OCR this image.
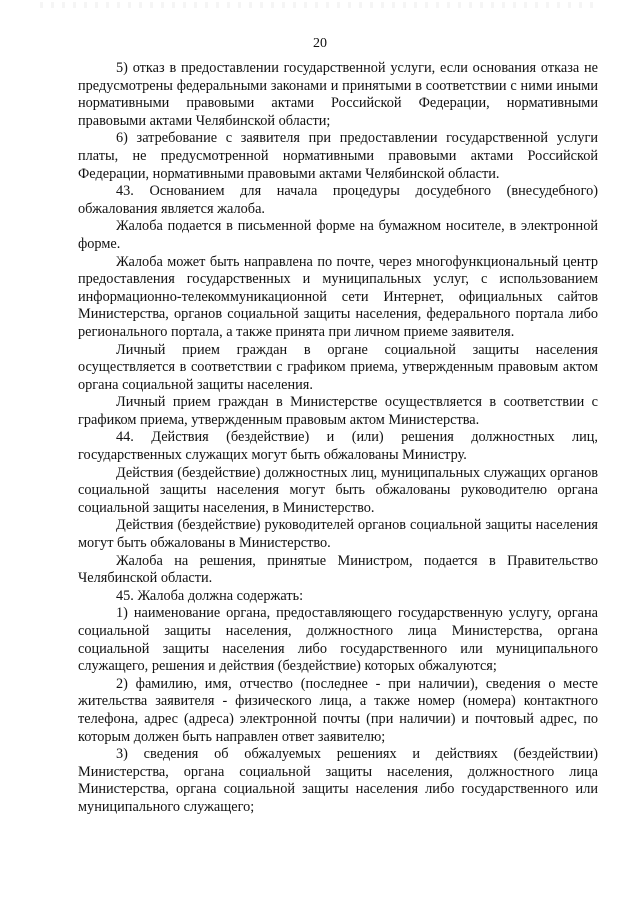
20

5) отказ в предоставлении государственной услуги, если основания отказа не предусмотрены федеральными законами и принятыми в соответствии с ними иными нормативными правовыми актами Российской Федерации, нормативными правовыми актами Челябинской области;

6) затребование с заявителя при предоставлении государственной услуги платы, не предусмотренной нормативными правовыми актами Российской Федерации, нормативными правовыми актами Челябинской области.

43. Основанием для начала процедуры досудебного (внесудебного) обжалования является жалоба.

Жалоба подается в письменной форме на бумажном носителе, в электронной форме.

Жалоба может быть направлена по почте, через многофункциональный центр предоставления государственных и муниципальных услуг, с использованием информационно-телекоммуникационной сети Интернет, официальных сайтов Министерства, органов социальной защиты населения, федерального портала либо регионального портала, а также принята при личном приеме заявителя.

Личный прием граждан в органе социальной защиты населения осуществляется в соответствии с графиком приема, утвержденным правовым актом органа социальной защиты населения.

Личный прием граждан в Министерстве осуществляется в соответствии с графиком приема, утвержденным правовым актом Министерства.

44. Действия (бездействие) и (или) решения должностных лиц, государственных служащих могут быть обжалованы Министру.

Действия (бездействие) должностных лиц, муниципальных служащих органов социальной защиты населения могут быть обжалованы руководителю органа социальной защиты населения, в Министерство.

Действия (бездействие) руководителей органов социальной защиты населения могут быть обжалованы в Министерство.

Жалоба на решения, принятые Министром, подается в Правительство Челябинской области.

45. Жалоба должна содержать:

1) наименование органа, предоставляющего государственную услугу, органа социальной защиты населения, должностного лица Министерства, органа социальной защиты населения либо государственного или муниципального служащего, решения и действия (бездействие) которых обжалуются;

2) фамилию, имя, отчество (последнее - при наличии), сведения о месте жительства заявителя - физического лица, а также номер (номера) контактного телефона, адрес (адреса) электронной почты (при наличии) и почтовый адрес, по которым должен быть направлен ответ заявителю;

3) сведения об обжалуемых решениях и действиях (бездействии) Министерства, органа социальной защиты населения, должностного лица Министерства, органа социальной защиты населения либо государственного или муниципального служащего;
